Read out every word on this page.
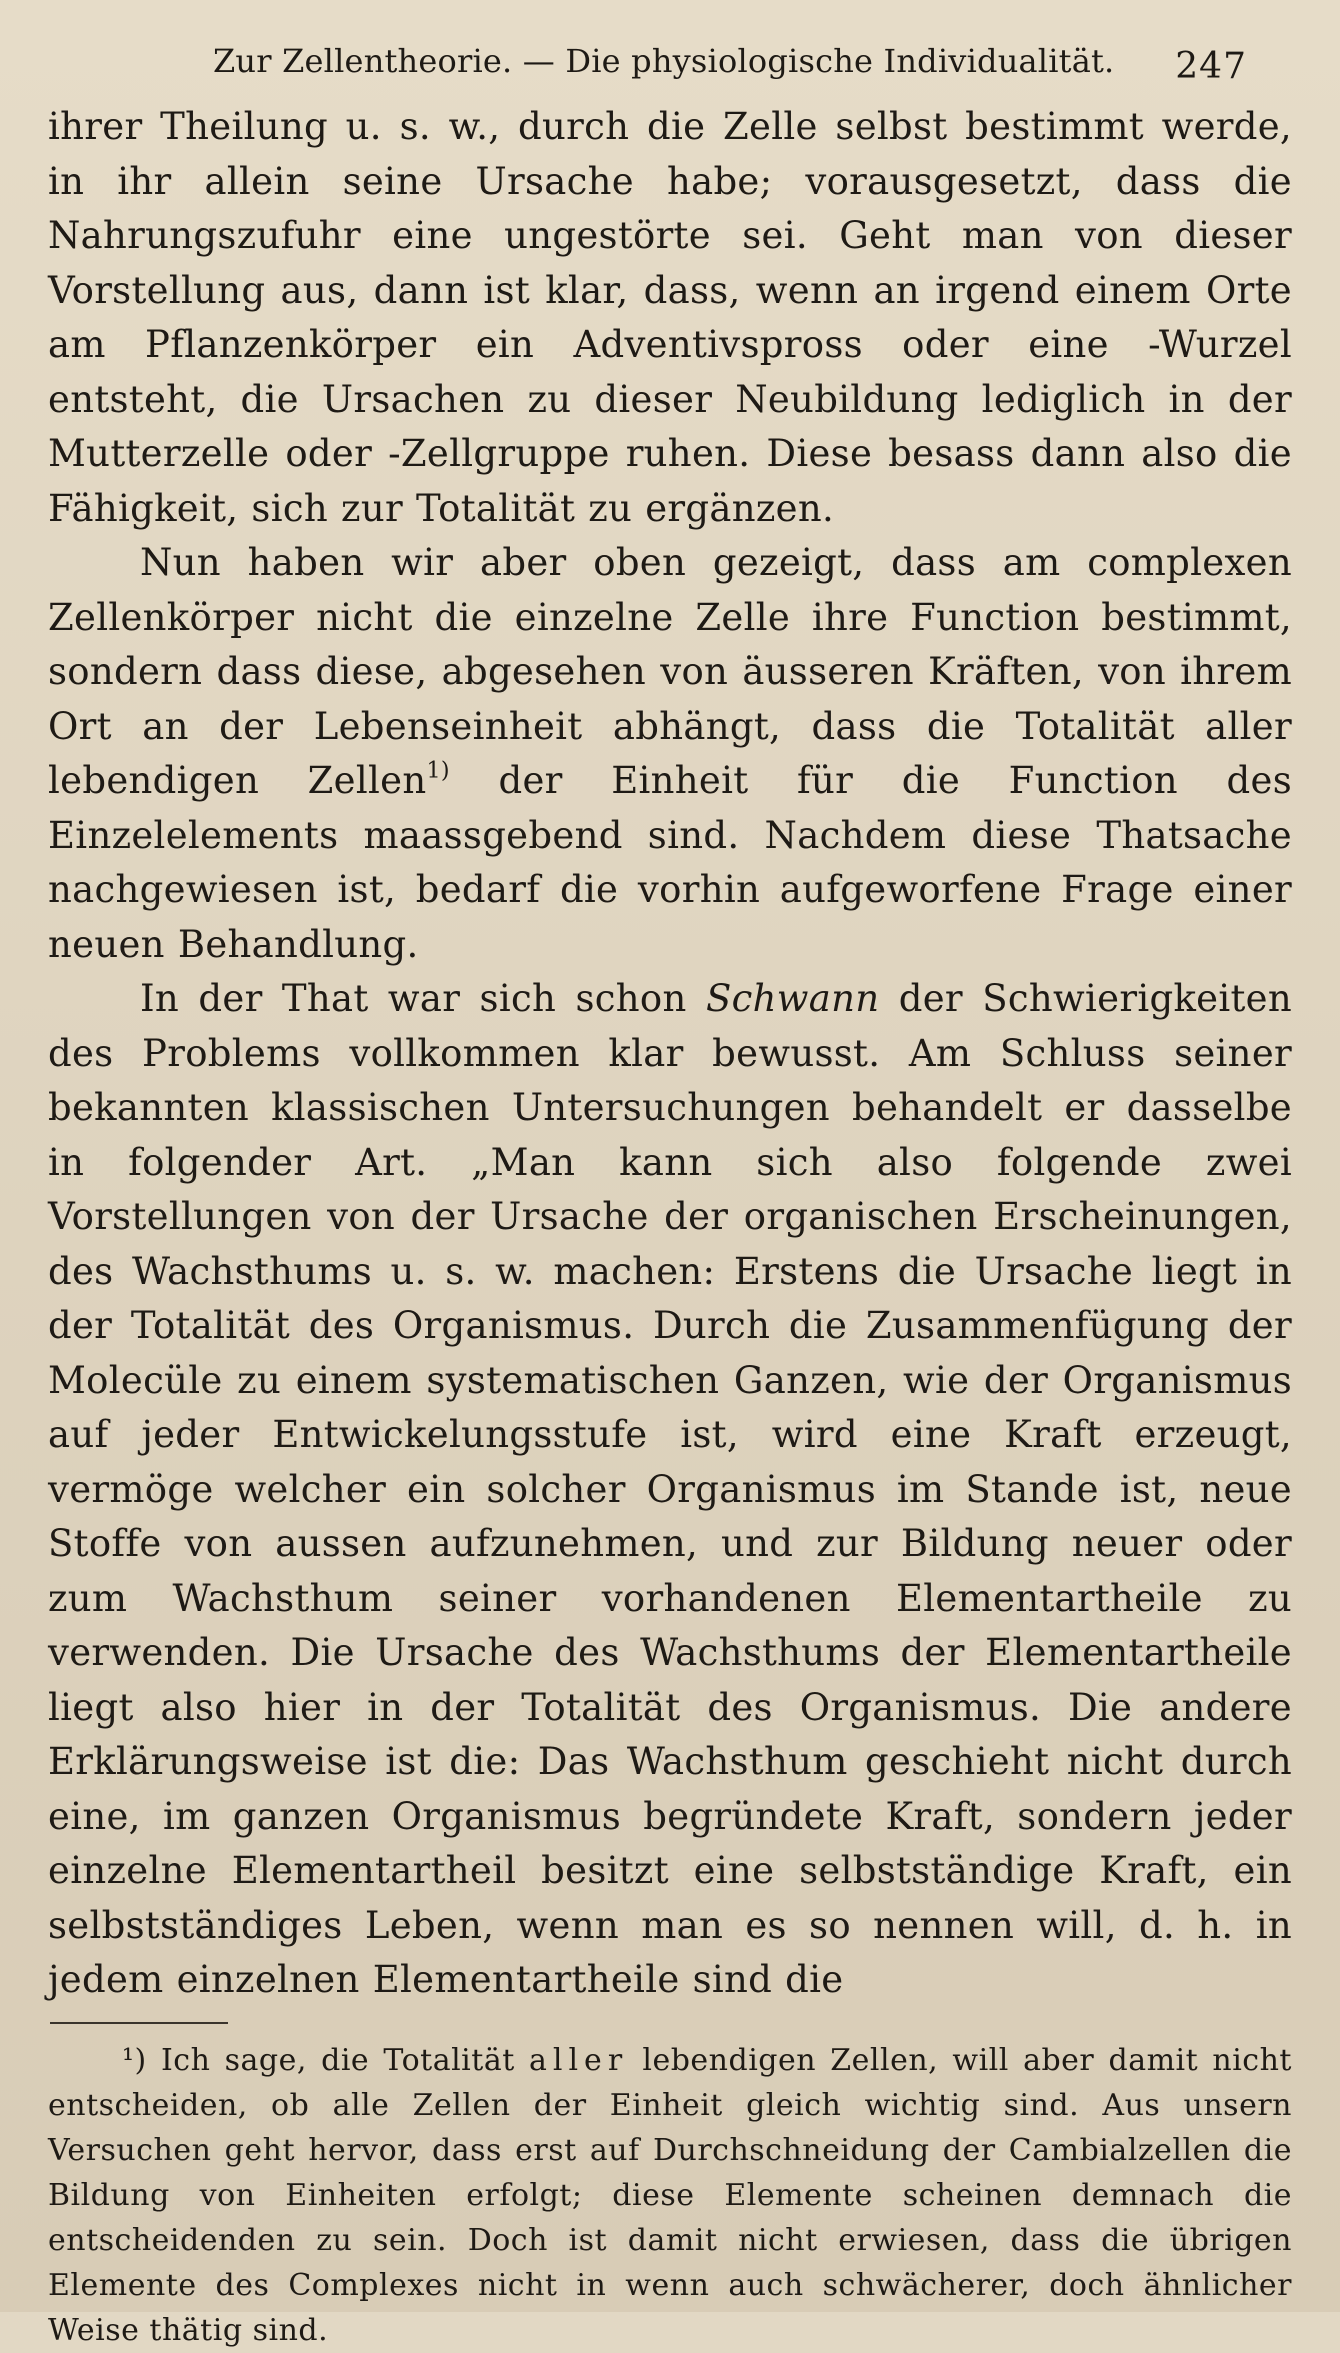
Zur Zellentheorie. — Die physiologische Individualität. 247

ihrer Theilung u. s. w., durch die Zelle selbst bestimmt werde, in ihr allein seine Ursache habe; vorausgesetzt, dass die Nahrungszufuhr eine ungestörte sei. Geht man von dieser Vorstellung aus, dann ist klar, dass, wenn an irgend einem Orte am Pflanzenkörper ein Adventivspross oder eine -Wurzel entsteht, die Ursachen zu dieser Neubildung lediglich in der Mutterzelle oder -Zellgruppe ruhen. Diese besass dann also die Fähigkeit, sich zur Totalität zu ergänzen.

Nun haben wir aber oben gezeigt, dass am complexen Zellenkörper nicht die einzelne Zelle ihre Function bestimmt, sondern dass diese, abgesehen von äusseren Kräften, von ihrem Ort an der Lebenseinheit abhängt, dass die Totalität aller lebendigen Zellen$^{1)}$ der Einheit für die Function des Einzelelements maassgebend sind. Nachdem diese Thatsache nachgewiesen ist, bedarf die vorhin aufgeworfene Frage einer neuen Behandlung.

In der That war sich schon Schwann der Schwierigkeiten des Problems vollkommen klar bewusst. Am Schluss seiner bekannten klassischen Untersuchungen behandelt er dasselbe in folgender Art. „Man kann sich also folgende zwei Vorstellungen von der Ursache der organischen Erscheinungen, des Wachsthums u. s. w. machen: Erstens die Ursache liegt in der Totalität des Organismus. Durch die Zusammenfügung der Molecüle zu einem systematischen Ganzen, wie der Organismus auf jeder Entwickelungsstufe ist, wird eine Kraft erzeugt, vermöge welcher ein solcher Organismus im Stande ist, neue Stoffe von aussen aufzunehmen, und zur Bildung neuer oder zum Wachsthum seiner vorhandenen Elementartheile zu verwenden. Die Ursache des Wachsthums der Elementartheile liegt also hier in der Totalität des Organismus. Die andere Erklärungsweise ist die: Das Wachsthum geschieht nicht durch eine, im ganzen Organismus begründete Kraft, sondern jeder einzelne Elementartheil besitzt eine selbstständige Kraft, ein selbstständiges Leben, wenn man es so nennen will, d. h. in jedem einzelnen Elementartheile sind die

¹) Ich sage, die Totalität aller lebendigen Zellen, will aber damit nicht entscheiden, ob alle Zellen der Einheit gleich wichtig sind. Aus unsern Versuchen geht hervor, dass erst auf Durchschneidung der Cambialzellen die Bildung von Einheiten erfolgt; diese Elemente scheinen demnach die entscheidenden zu sein. Doch ist damit nicht erwiesen, dass die übrigen Elemente des Complexes nicht in wenn auch schwächerer, doch ähnlicher Weise thätig sind.
